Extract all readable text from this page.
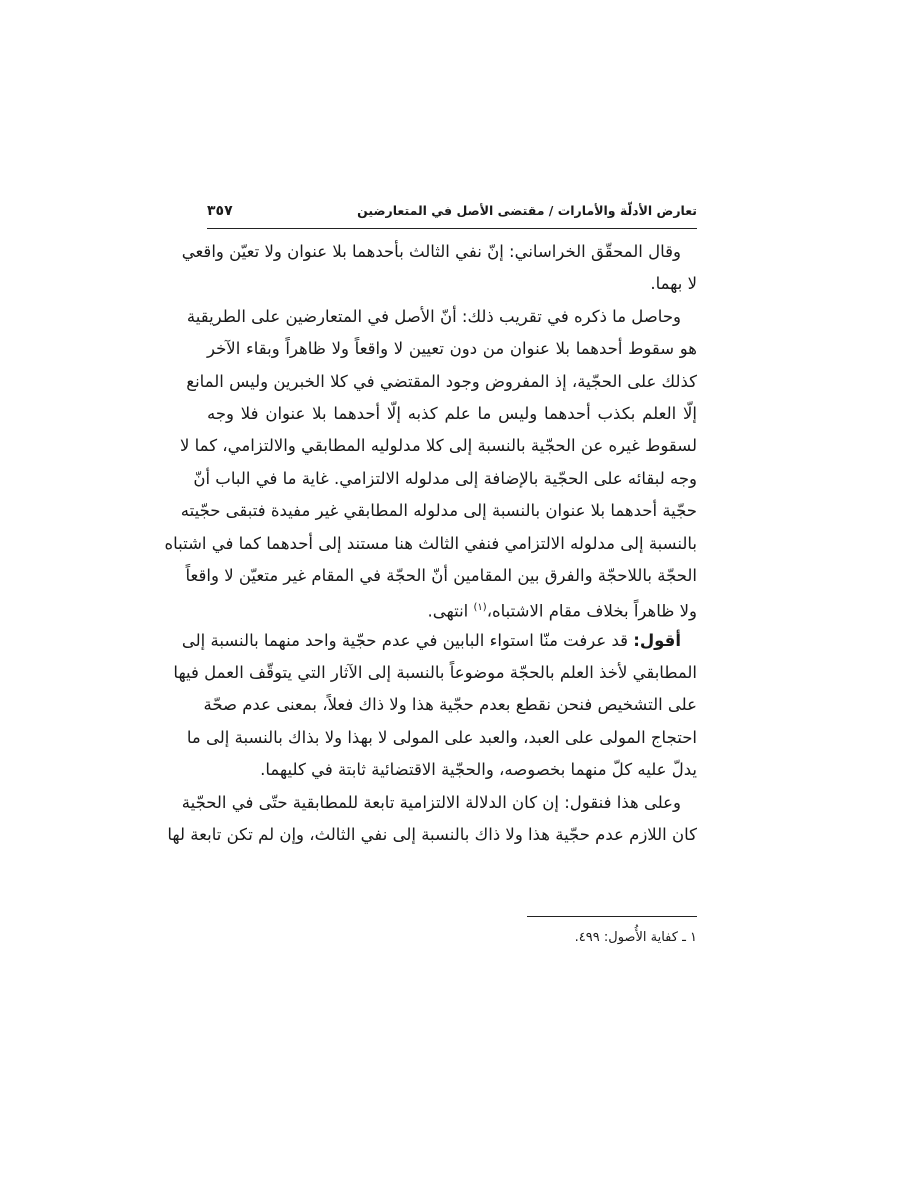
تعارض الأدلّة والأمارات / مقتضى الأصل في المتعارضين
٣٥٧
وقال المحقّق الخراساني: إنّ نفي الثالث بأحدهما بلا عنوان ولا تعيّن واقعي
لا بهما.
وحاصل ما ذكره في تقريب ذلك: أنّ الأصل في المتعارضين على الطريقية
هو سقوط أحدهما بلا عنوان من دون تعيين لا واقعاً ولا ظاهراً وبقاء الآخر
كذلك على الحجّية، إذ المفروض وجود المقتضي في كلا الخبرين وليس المانع
إلّا العلم بكذب أحدهما وليس ما علم كذبه إلّا أحدهما بلا عنوان فلا وجه
لسقوط غيره عن الحجّية بالنسبة إلى كلا مدلوليه المطابقي والالتزامي، كما لا
وجه لبقائه على الحجّية بالإضافة إلى مدلوله الالتزامي. غاية ما في الباب أنّ
حجّية أحدهما بلا عنوان بالنسبة إلى مدلوله المطابقي غير مفيدة فتبقى حجّيته
بالنسبة إلى مدلوله الالتزامي فنفي الثالث هنا مستند إلى أحدهما كما في اشتباه
الحجّة باللاحجّة والفرق بين المقامين أنّ الحجّة في المقام غير متعيّن لا واقعاً
ولا ظاهراً بخلاف مقام الاشتباه،$^{(١)}$ انتهى.
أقول: قد عرفت منّا استواء البابين في عدم حجّية واحد منهما بالنسبة إلى
المطابقي لأخذ العلم بالحجّة موضوعاً بالنسبة إلى الآثار التي يتوقّف العمل فيها
على التشخيص فنحن نقطع بعدم حجّية هذا ولا ذاك فعلاً، بمعنى عدم صحّة
احتجاج المولى على العبد، والعبد على المولى لا بهذا ولا بذاك بالنسبة إلى ما
يدلّ عليه كلّ منهما بخصوصه، والحجّية الاقتضائية ثابتة في كليهما.
وعلى هذا فنقول: إن كان الدلالة الالتزامية تابعة للمطابقية حتّى في الحجّية
كان اللازم عدم حجّية هذا ولا ذاك بالنسبة إلى نفي الثالث، وإن لم تكن تابعة لها
١ ـ كفاية الأُصول: ٤٩٩.
